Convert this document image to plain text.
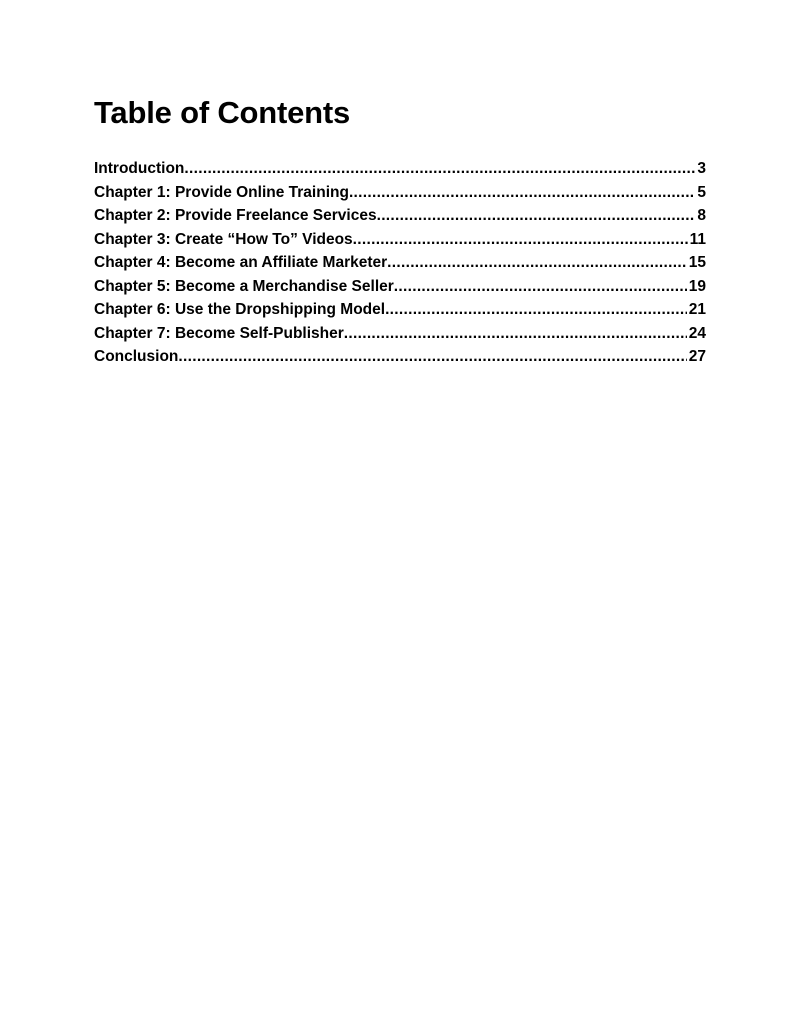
Table of Contents
Introduction .....	3
Chapter 1: Provide Online Training .....	5
Chapter 2: Provide Freelance Services .....	8
Chapter 3: Create “How To” Videos .....	11
Chapter 4: Become an Affiliate Marketer .....	15
Chapter 5: Become a Merchandise Seller .....	19
Chapter 6: Use the Dropshipping Model .....	21
Chapter 7: Become Self-Publisher .....	24
Conclusion .....	27
